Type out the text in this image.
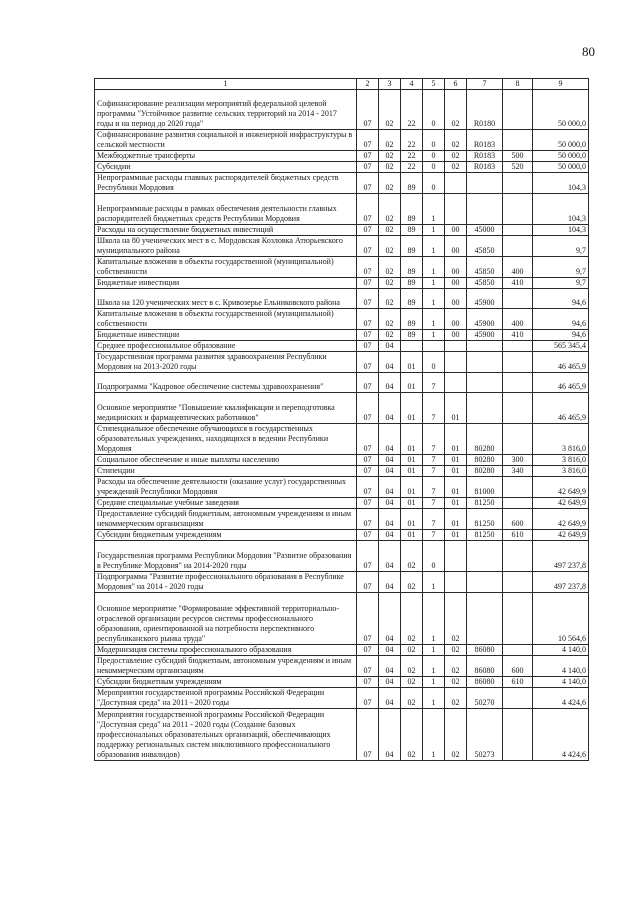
80
1	2	3	4	5	6	7	8	9
Софинансирование реализации мероприятий федеральной целевой программы "Устойчивое развитие сельских территорий на 2014 - 2017 годы и на период до 2020 года"	07	02	22	0	02	R0180		50 000,0
Софинансирование развития социальной и инженерной инфраструктуры в сельской местности	07	02	22	0	02	R0183		50 000,0
Межбюджетные трансферты	07	02	22	0	02	R0183	500	50 000,0
Субсидии	07	02	22	0	02	R0183	520	50 000,0
Непрограммные расходы главных распорядителей бюджетных средств Республики Мордовия	07	02	89	0				104,3
Непрограммные расходы в рамках обеспечения деятельности главных распорядителей бюджетных средств Республики Мордовия	07	02	89	1				104,3
Расходы на осуществление бюджетных инвестиций	07	02	89	1	00	45000		104,3
Школа на 80 ученических мест в с. Мордовская Козловка Атюрьевского муниципального района	07	02	89	1	00	45850		9,7
Капитальные вложения в объекты государственной (муниципальной) собственности	07	02	89	1	00	45850	400	9,7
Бюджетные инвестиции	07	02	89	1	00	45850	410	9,7
Школа на 120 ученических мест в с. Кривозерье Ельниковского района	07	02	89	1	00	45900		94,6
Капитальные вложения в объекты государственной (муниципальной) собственности	07	02	89	1	00	45900	400	94,6
Бюджетные инвестиции	07	02	89	1	00	45900	410	94,6
Среднее профессиональное образование	07	04						565 345,4
Государственная программа развития здравоохранения Республики Мордовия на 2013-2020 годы	07	04	01	0				46 465,9
Подпрограмма "Кадровое обеспечение системы здравоохранения"	07	04	01	7				46 465,9
Основное мероприятие "Повышение квалификации и переподготовка медицинских и фармацевтических работников"	07	04	01	7	01			46 465,9
Стипендиальное обеспечение обучающихся в государственных образовательных учреждениях, находящихся в ведении Республики Мордовия	07	04	01	7	01	80280		3 816,0
Социальное обеспечение и иные выплаты населению	07	04	01	7	01	80280	300	3 816,0
Стипендии	07	04	01	7	01	80280	340	3 816,0
Расходы на обеспечение деятельности (оказание услуг) государственных учреждений Республики Мордовия	07	04	01	7	01	81000		42 649,9
Средние специальные учебные заведения	07	04	01	7	01	81250		42 649,9
Предоставление субсидий бюджетным, автономным учреждениям и иным некоммерческим организациям	07	04	01	7	01	81250	600	42 649,9
Субсидии бюджетным учреждениям	07	04	01	7	01	81250	610	42 649,9
Государственная программа Республики Мордовия "Развитие образования в Республике Мордовия" на 2014-2020 годы	07	04	02	0				497 237,8
Подпрограмма "Развитие профессионального образования в Республике Мордовия" на 2014 - 2020 годы	07	04	02	1				497 237,8
Основное мероприятие "Формирование эффективной территориально-отраслевой организации ресурсов системы профессионального образования, ориентированной на потребности перспективного республиканского рынка труда"	07	04	02	1	02			10 564,6
Модернизация системы профессионального образования	07	04	02	1	02	86080		4 140,0
Предоставление субсидий бюджетным, автономным учреждениям и иным некоммерческим организациям	07	04	02	1	02	86080	600	4 140,0
Субсидии бюджетным учреждениям	07	04	02	1	02	86080	610	4 140,0
Мероприятия государственной программы Российской Федерации "Доступная среда" на 2011 - 2020 годы	07	04	02	1	02	50270		4 424,6
Мероприятия государственной программы Российской Федерации "Доступная среда" на 2011 - 2020 годы (Создание базовых профессиональных образовательных организаций, обеспечивающих поддержку региональных систем инклюзивного профессионального образования инвалидов)	07	04	02	1	02	50273		4 424,6
